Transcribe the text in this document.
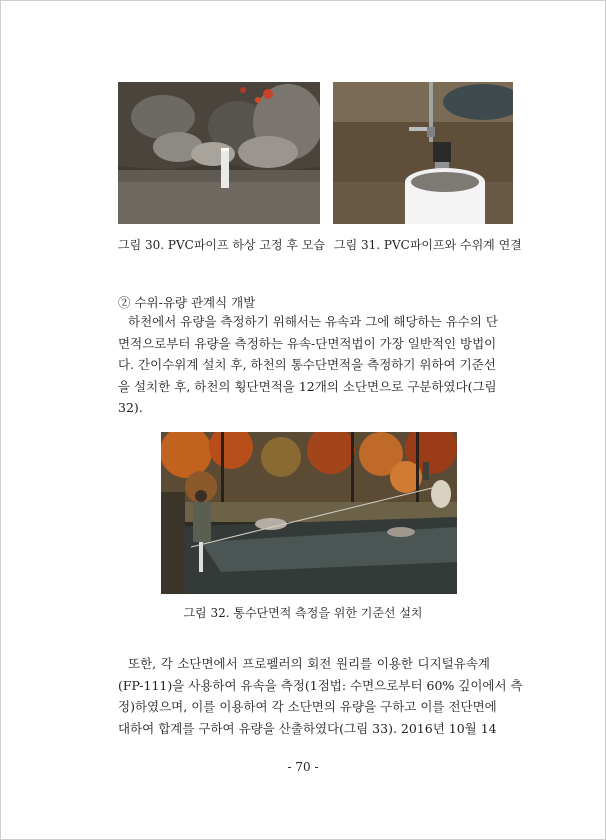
그림 30. PVC파이프 하상 고정 후 모습 그림 31. PVC파이프와 수위계 연결
② 수위-유량 관계식 개발
하천에서 유량을 측정하기 위해서는 유속과 그에 해당하는 유수의 단
면적으로부터 유량을 측정하는 유속-단면적법이 가장 일반적인 방법이
다. 간이수위계 설치 후, 하천의 통수단면적을 측정하기 위하여 기준선
을 설치한 후, 하천의 횡단면적을 12개의 소단면으로 구분하였다(그림
32).
그림 32. 통수단면적 측정을 위한 기준선 설치
또한, 각 소단면에서 프로펠러의 회전 원리를 이용한 디지털유속계
(FP-111)을 사용하여 유속을 측정(1점법: 수면으로부터 60% 깊이에서 측
정)하였으며, 이를 이용하여 각 소단면의 유량을 구하고 이를 전단면에
대하여 합계를 구하여 유량을 산출하였다(그림 33). 2016년 10월 14
- 70 -
